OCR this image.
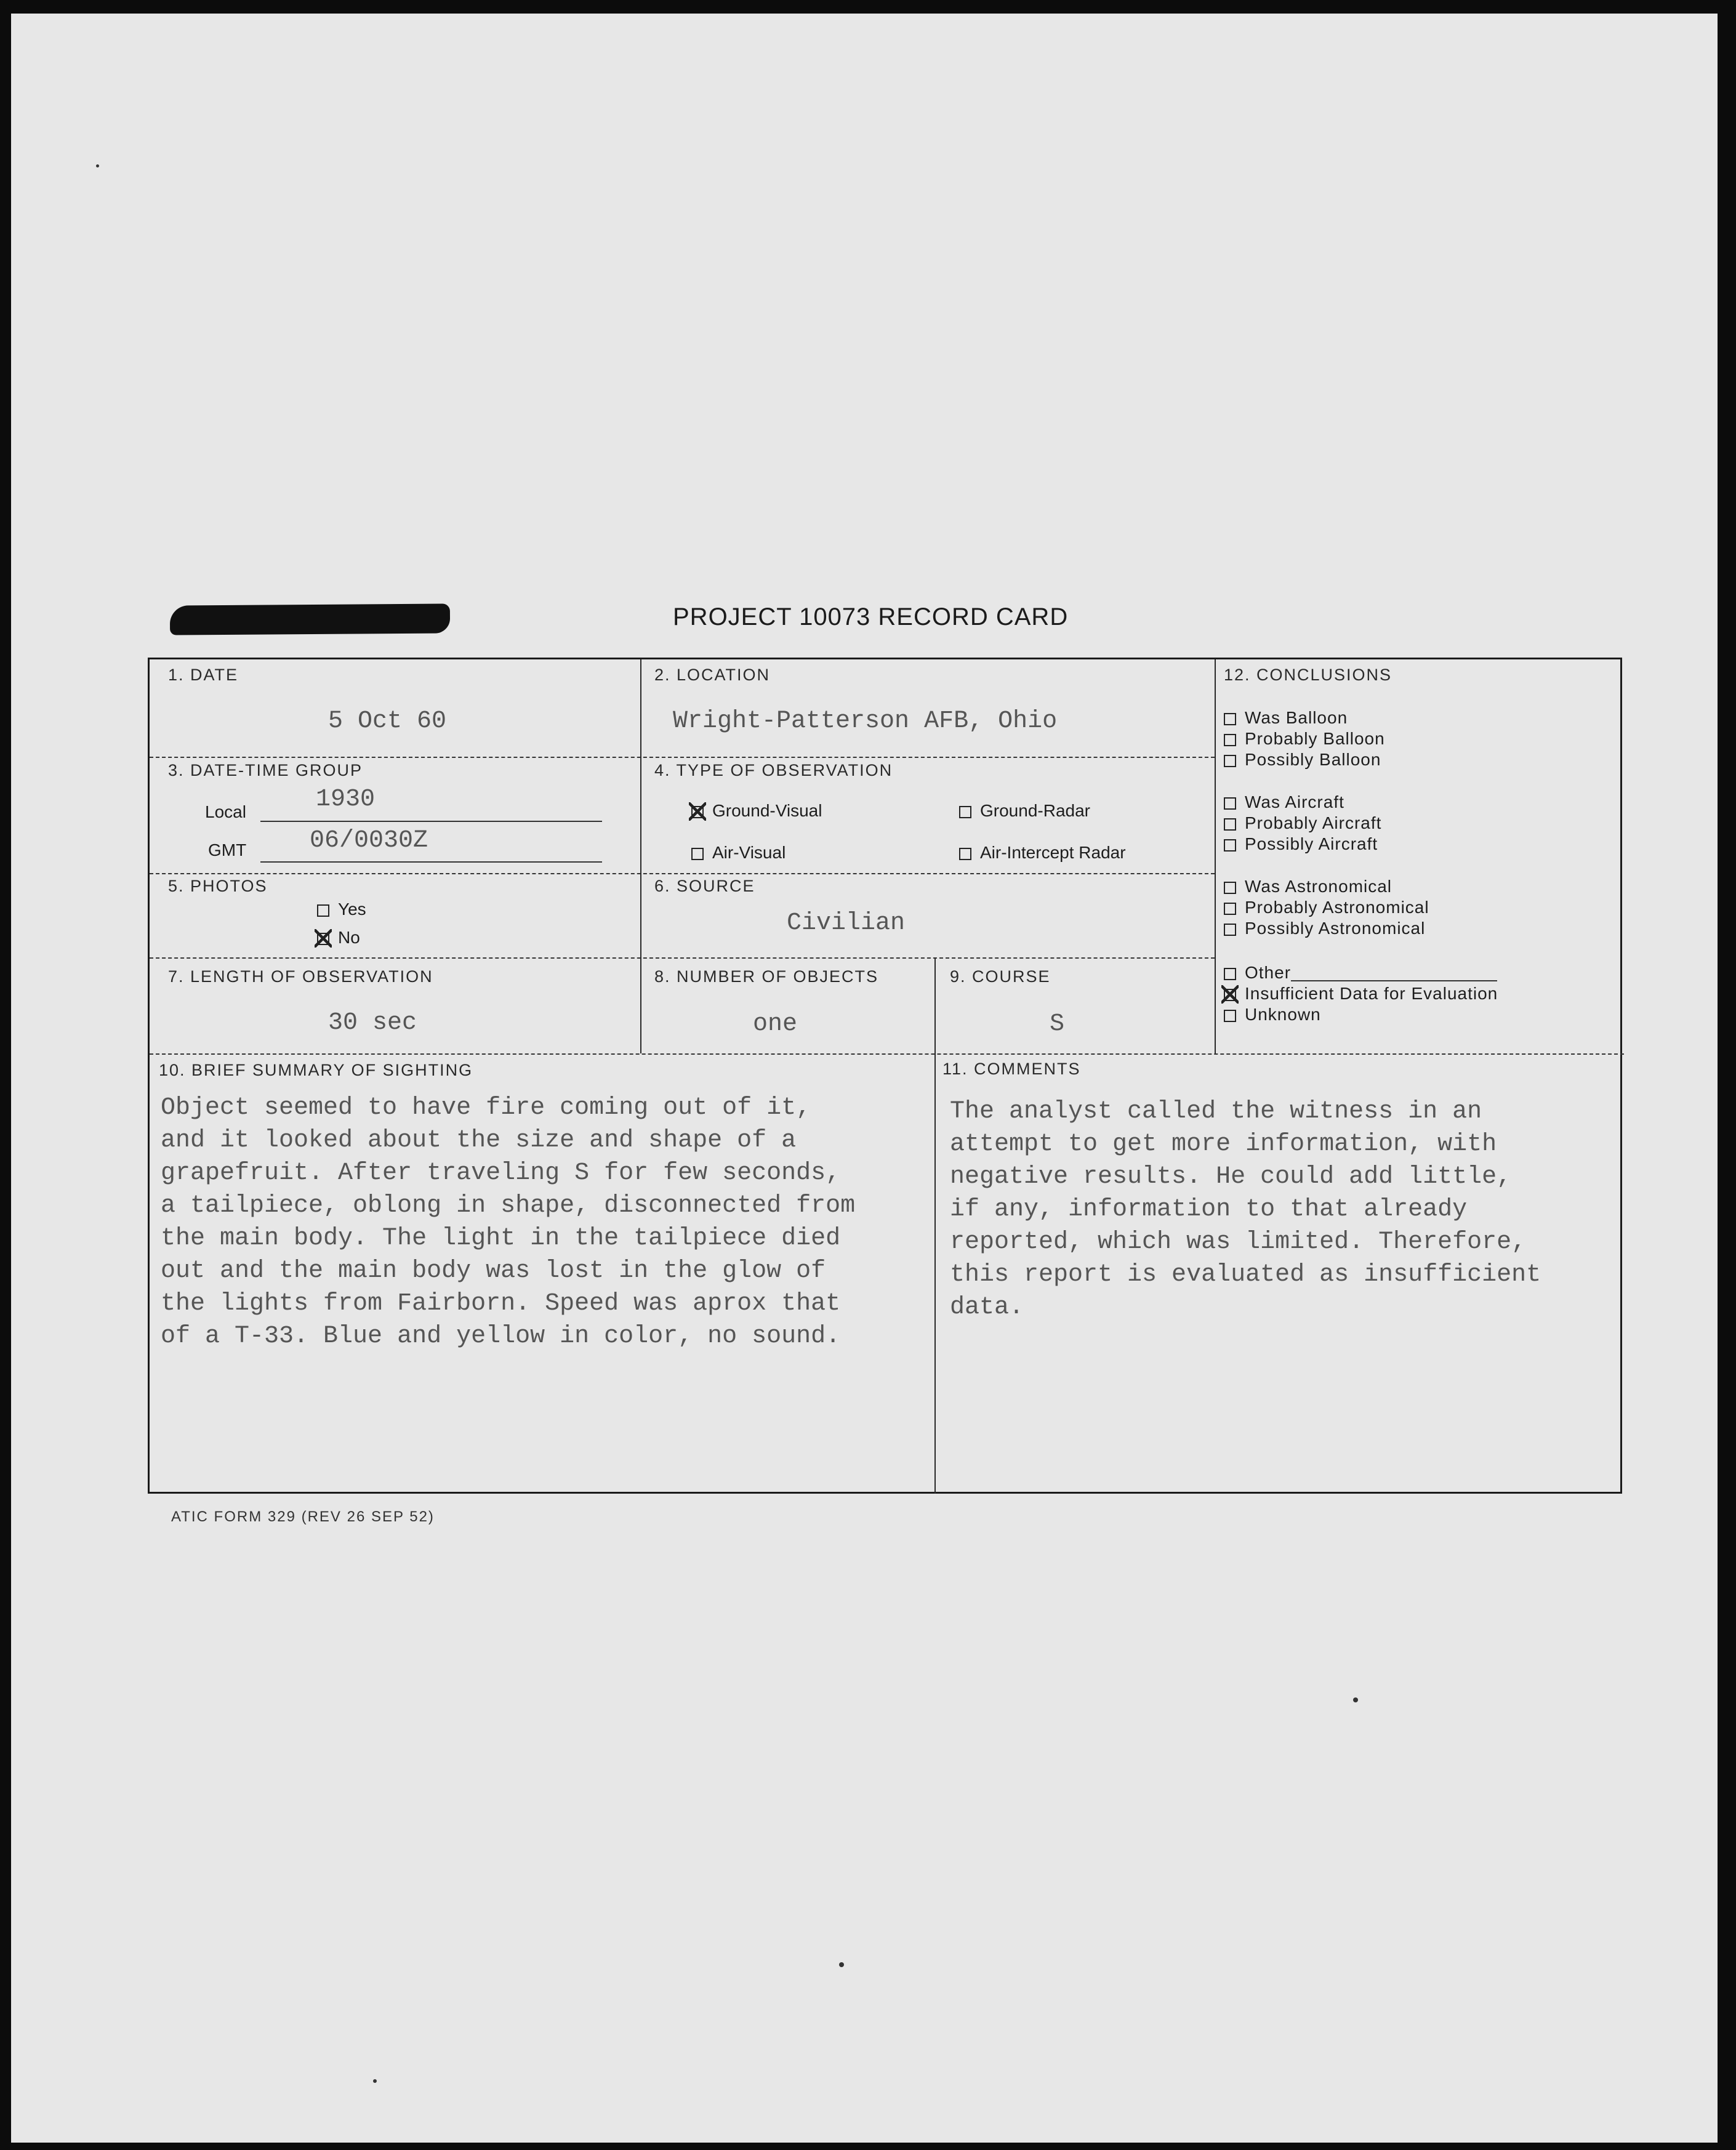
PROJECT 10073 RECORD CARD
1. DATE
5 Oct 60
2. LOCATION
Wright-Patterson AFB, Ohio
3. DATE-TIME GROUP
Local	1930
GMT	06/0030Z
4. TYPE OF OBSERVATION
Ground-Visual	Ground-Radar
Air-Visual	Air-Intercept Radar
5. PHOTOS
Yes
No
6. SOURCE
Civilian
7. LENGTH OF OBSERVATION
30 sec
8. NUMBER OF OBJECTS
one
9. COURSE
S
10. BRIEF SUMMARY OF SIGHTING
Object seemed to have fire coming out of it,
and it looked about the size and shape of a
grapefruit. After traveling S for few seconds,
a tailpiece, oblong in shape, disconnected from
the main body. The light in the tailpiece died
out and the main body was lost in the glow of
the lights from Fairborn. Speed was aprox that
of a T-33. Blue and yellow in color, no sound.
11. COMMENTS
The analyst called the witness in an
attempt to get more information, with
negative results. He could add little,
if any, information to that already
reported, which was limited. Therefore,
this report is evaluated as insufficient
data.
12. CONCLUSIONS
Was Balloon
Probably Balloon
Possibly Balloon
Was Aircraft
Probably Aircraft
Possibly Aircraft
Was Astronomical
Probably Astronomical
Possibly Astronomical
Other
Insufficient Data for Evaluation
Unknown
ATIC FORM 329 (REV 26 SEP 52)
